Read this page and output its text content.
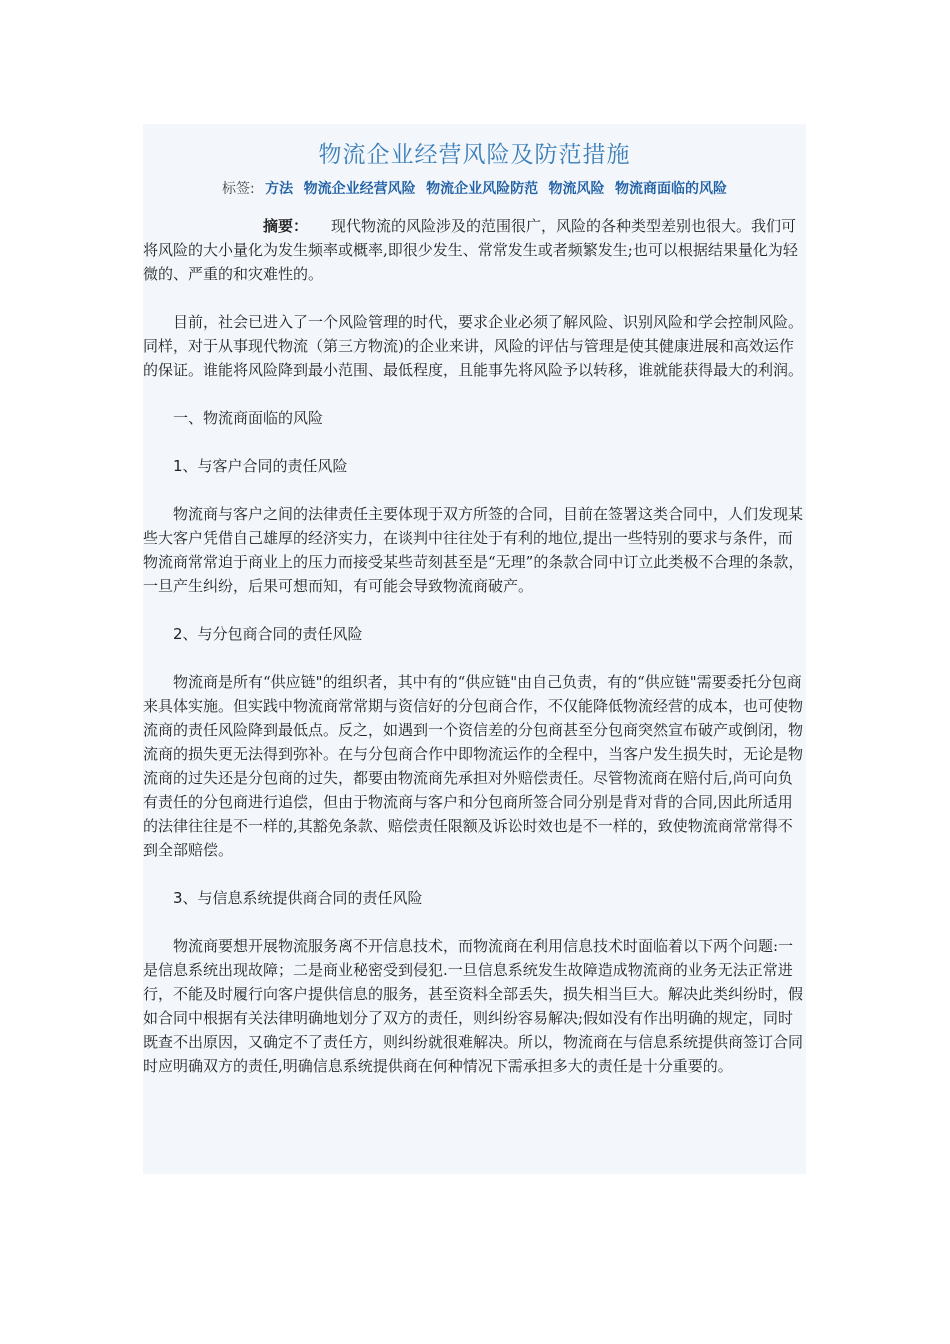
物流企业经营风险及防范措施
标签: 方法 物流企业经营风险 物流企业风险防范 物流风险 物流商面临的风险

摘要： 现代物流的风险涉及的范围很广，风险的各种类型差别也很大。我们可将风险的大小量化为发生频率或概率,即很少发生、常常发生或者频繁发生;也可以根据结果量化为轻微的、严重的和灾难性的。

目前，社会已进入了一个风险管理的时代，要求企业必须了解风险、识别风险和学会控制风险。同样，对于从事现代物流（第三方物流)的企业来讲，风险的评估与管理是使其健康进展和高效运作的保证。谁能将风险降到最小范围、最低程度，且能事先将风险予以转移，谁就能获得最大的利润。

一、物流商面临的风险
1、与客户合同的责任风险

物流商与客户之间的法律责任主要体现于双方所签的合同，目前在签署这类合同中，人们发现某些大客户凭借自己雄厚的经济实力，在谈判中往往处于有利的地位,提出一些特别的要求与条件，而物流商常常迫于商业上的压力而接受某些苛刻甚至是“无理”的条款合同中订立此类极不合理的条款，一旦产生纠纷，后果可想而知，有可能会导致物流商破产。

2、与分包商合同的责任风险

物流商是所有“供应链"的组织者，其中有的“供应链"由自己负责，有的“供应链"需要委托分包商来具体实施。但实践中物流商常常期与资信好的分包商合作，不仅能降低物流经营的成本，也可使物流商的责任风险降到最低点。反之，如遇到一个资信差的分包商甚至分包商突然宣布破产或倒闭，物流商的损失更无法得到弥补。在与分包商合作中即物流运作的全程中，当客户发生损失时，无论是物流商的过失还是分包商的过失，都要由物流商先承担对外赔偿责任。尽管物流商在赔付后,尚可向负有责任的分包商进行追偿，但由于物流商与客户和分包商所签合同分别是背对背的合同,因此所适用的法律往往是不一样的,其豁免条款、赔偿责任限额及诉讼时效也是不一样的，致使物流商常常得不到全部赔偿。

3、与信息系统提供商合同的责任风险

物流商要想开展物流服务离不开信息技术，而物流商在利用信息技术时面临着以下两个问题:一是信息系统出现故障；二是商业秘密受到侵犯.一旦信息系统发生故障造成物流商的业务无法正常进行，不能及时履行向客户提供信息的服务，甚至资料全部丢失，损失相当巨大。解决此类纠纷时，假如合同中根据有关法律明确地划分了双方的责任，则纠纷容易解决;假如没有作出明确的规定，同时既查不出原因，又确定不了责任方，则纠纷就很难解决。所以，物流商在与信息系统提供商签订合同时应明确双方的责任,明确信息系统提供商在何种情况下需承担多大的责任是十分重要的。
